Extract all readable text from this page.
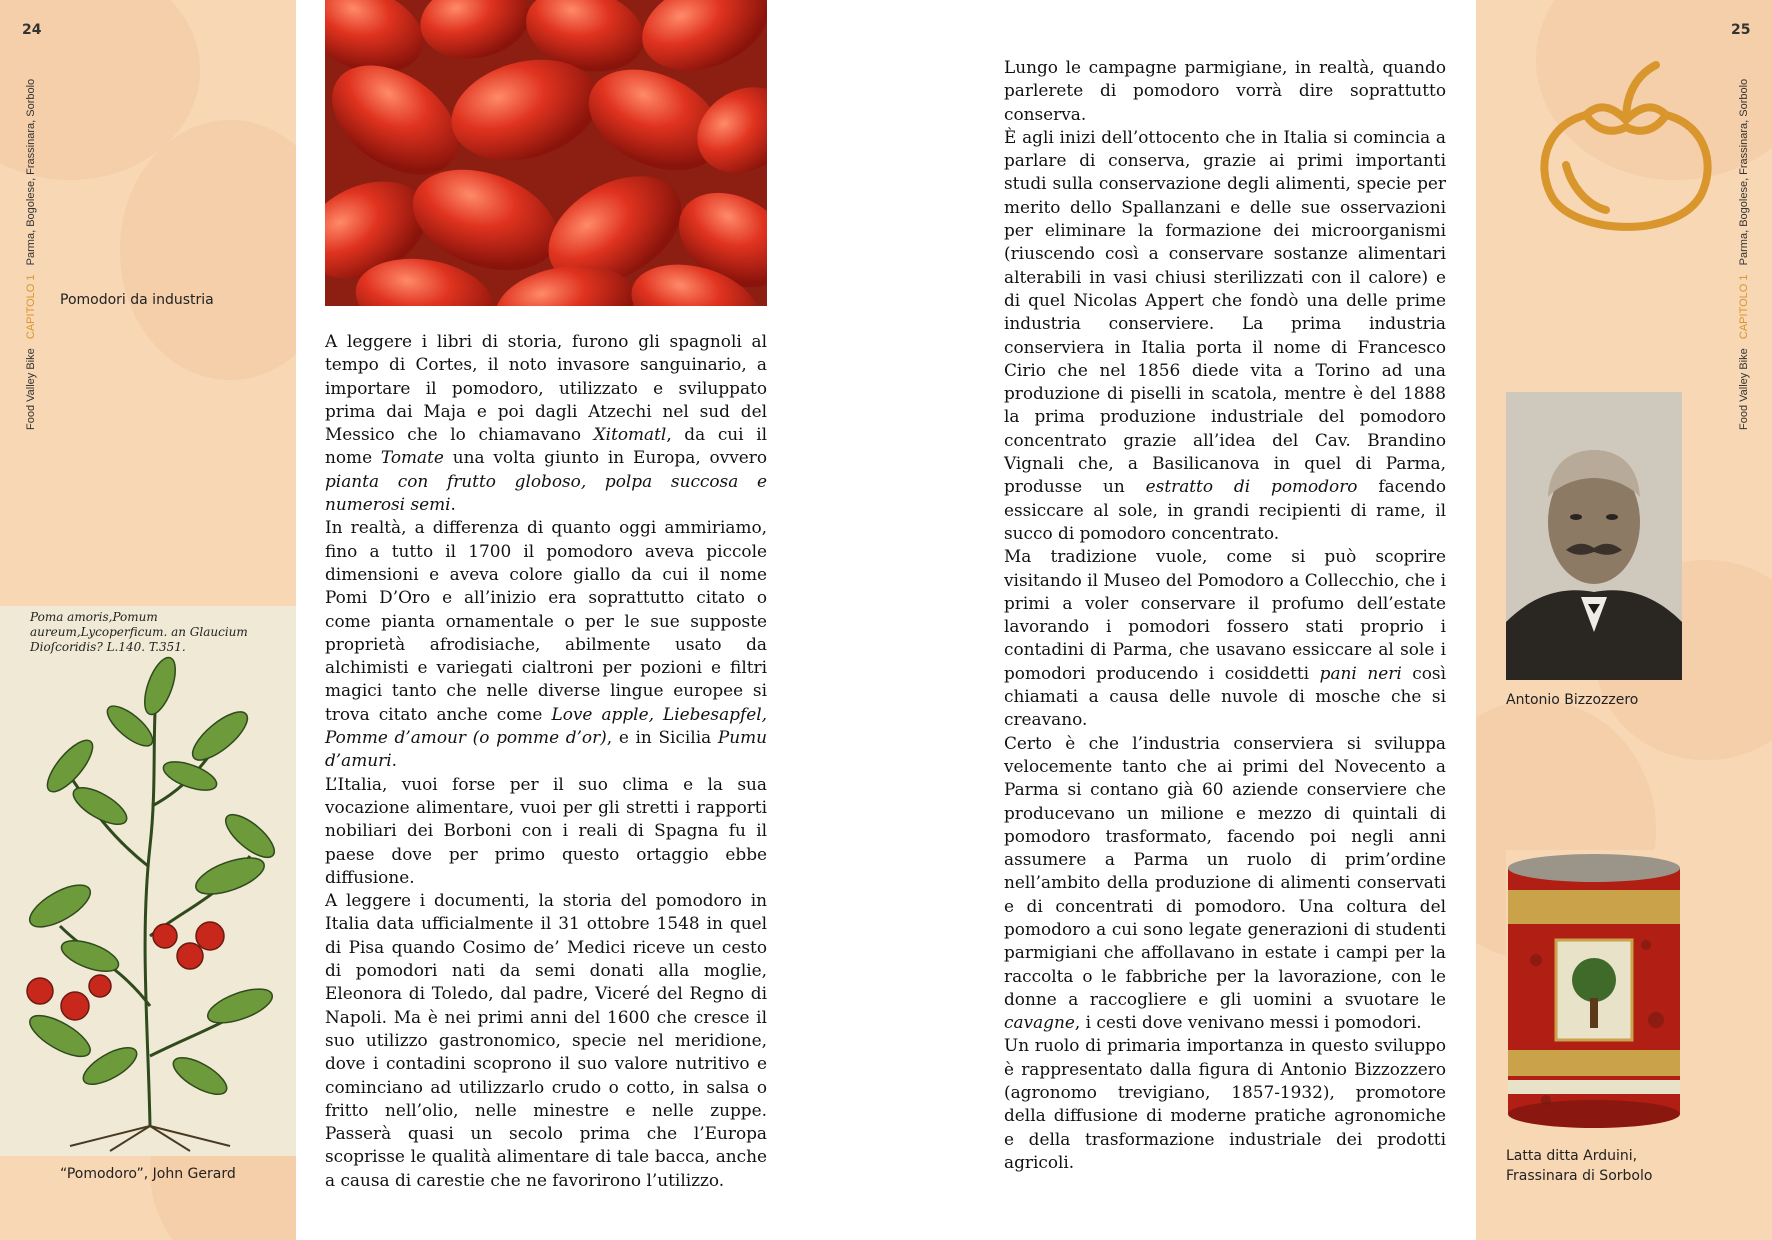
24
Food Valley Bike   CAPITOLO 1   Parma, Bogolese, Frassinara, Sorbolo
Pomodori da industria
Poma amoris,Pomum aureum,Lycoperficum. an Glaucium Dioſcoridis? L.140. T.351.
“Pomodoro”, John Gerard

A leggere i libri di storia, furono gli spagnoli al tempo di Cortes, il noto invasore sanguinario, a importare il pomodoro, utilizzato e sviluppato prima dai Maja e poi dagli Atzechi nel sud del Messico che lo chiamavano Xitomatl, da cui il nome Tomate una volta giunto in Europa, ovvero pianta con frutto globoso, polpa succosa e numerosi semi.

In realtà, a differenza di quanto oggi ammiriamo, fino a tutto il 1700 il pomodoro aveva piccole dimensioni e aveva colore giallo da cui il nome Pomi D’Oro e all’inizio era soprattutto citato o come pianta ornamentale o per le sue supposte proprietà afrodisiache, abilmente usato da alchimisti e variegati cialtroni per pozioni e filtri magici tanto che nelle diverse lingue europee si trova citato anche come Love apple, Liebesapfel, Pomme d’amour (o pomme d’or), e in Sicilia Pumu d’amuri.

L’Italia, vuoi forse per il suo clima e la sua vocazione alimentare, vuoi per gli stretti i rapporti nobiliari dei Borboni con i reali di Spagna fu il paese dove per primo questo ortaggio ebbe diffusione.

A leggere i documenti, la storia del pomodoro in Italia data ufficialmente il 31 ottobre 1548 in quel di Pisa quando Cosimo de’ Medici riceve un cesto di pomodori nati da semi donati alla moglie, Eleonora di Toledo, dal padre, Viceré del Regno di Napoli. Ma è nei primi anni del 1600 che cresce il suo utilizzo gastronomico, specie nel meridione, dove i contadini scoprono il suo valore nutritivo e cominciano ad utilizzarlo crudo o cotto, in salsa o fritto nell’olio, nelle minestre e nelle zuppe. Passerà quasi un secolo prima che l’Europa scoprisse le qualità alimentare di tale bacca, anche a causa di carestie che ne favorirono l’utilizzo.

Lungo le campagne parmigiane, in realtà, quando parlerete di pomodoro vorrà dire soprattutto conserva.

È agli inizi dell’ottocento che in Italia si comincia a parlare di conserva, grazie ai primi importanti studi sulla conservazione degli alimenti, specie per merito dello Spallanzani e delle sue osservazioni per eliminare la formazione dei microorganismi (riuscendo così a conservare sostanze alimentari alterabili in vasi chiusi sterilizzati con il calore) e di quel Nicolas Appert che fondò una delle prime industria conserviere. La prima industria conserviera in Italia porta il nome di Francesco Cirio che nel 1856 diede vita a Torino ad una produzione di piselli in scatola, mentre è del 1888 la prima produzione industriale del pomodoro concentrato grazie all’idea del Cav. Brandino Vignali che, a Basilicanova in quel di Parma, produsse un estratto di pomodoro facendo essiccare al sole, in grandi recipienti di rame, il succo di pomodoro concentrato.

Ma tradizione vuole, come si può scoprire visitando il Museo del Pomodoro a Collecchio, che i primi a voler conservare il profumo dell’estate lavorando i pomodori fossero stati proprio i contadini di Parma, che usavano essiccare al sole i pomodori producendo i cosiddetti pani neri così chiamati a causa delle nuvole di mosche che si creavano.

Certo è che l’industria conserviera si sviluppa velocemente tanto che ai primi del Novecento a Parma si contano già 60 aziende conserviere che producevano un milione e mezzo di quintali di pomodoro trasformato, facendo poi negli anni assumere a Parma un ruolo di prim’ordine nell’ambito della produzione di alimenti conservati e di concentrati di pomodoro. Una coltura del pomodoro a cui sono legate generazioni di studenti parmigiani che affollavano in estate i campi per la raccolta o le fabbriche per la lavorazione, con le donne a raccogliere e gli uomini a svuotare le cavagne, i cesti dove venivano messi i pomodori.

Un ruolo di primaria importanza in questo sviluppo è rappresentato dalla figura di Antonio Bizzozzero (agronomo trevigiano, 1857-1932), promotore della diffusione di moderne pratiche agronomiche e della trasformazione industriale dei prodotti agricoli.

25
Food Valley Bike   CAPITOLO 1   Parma, Bogolese, Frassinara, Sorbolo
Antonio Bizzozzero
Latta ditta Arduini, Frassinara di Sorbolo
